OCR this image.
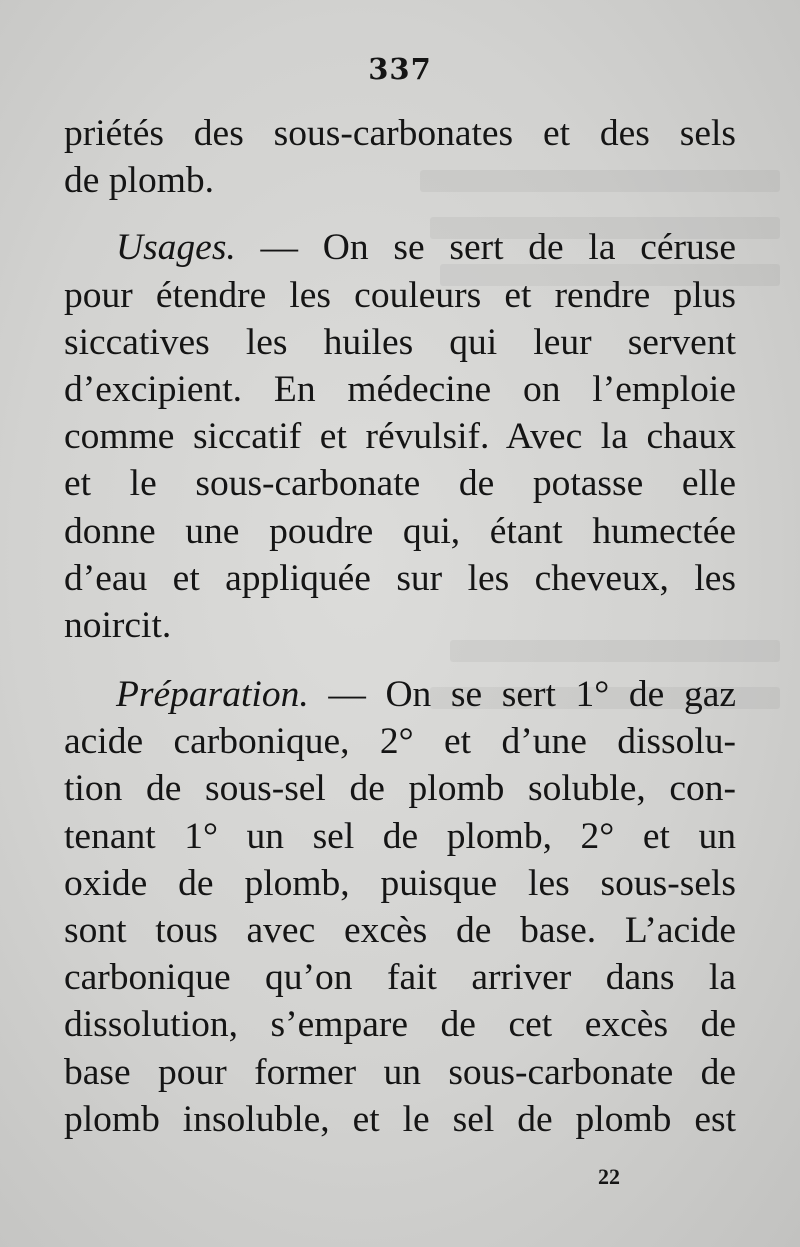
337
priétés des sous-carbonates et des sels
de plomb.
Usages. — On se sert de la céruse
pour étendre les couleurs et rendre plus
siccatives les huiles qui leur servent
d’excipient. En médecine on l’emploie
comme siccatif et révulsif. Avec la chaux
et le sous-carbonate de potasse elle
donne une poudre qui, étant humectée
d’eau et appliquée sur les cheveux, les
noircit.
Préparation. — On se sert 1° de gaz
acide carbonique, 2° et d’une dissolu-
tion de sous-sel de plomb soluble, con-
tenant 1° un sel de plomb, 2° et un
oxide de plomb, puisque les sous-sels
sont tous avec excès de base. L’acide
carbonique qu’on fait arriver dans la
dissolution, s’empare de cet excès de
base pour former un sous-carbonate de
plomb insoluble, et le sel de plomb est
22
